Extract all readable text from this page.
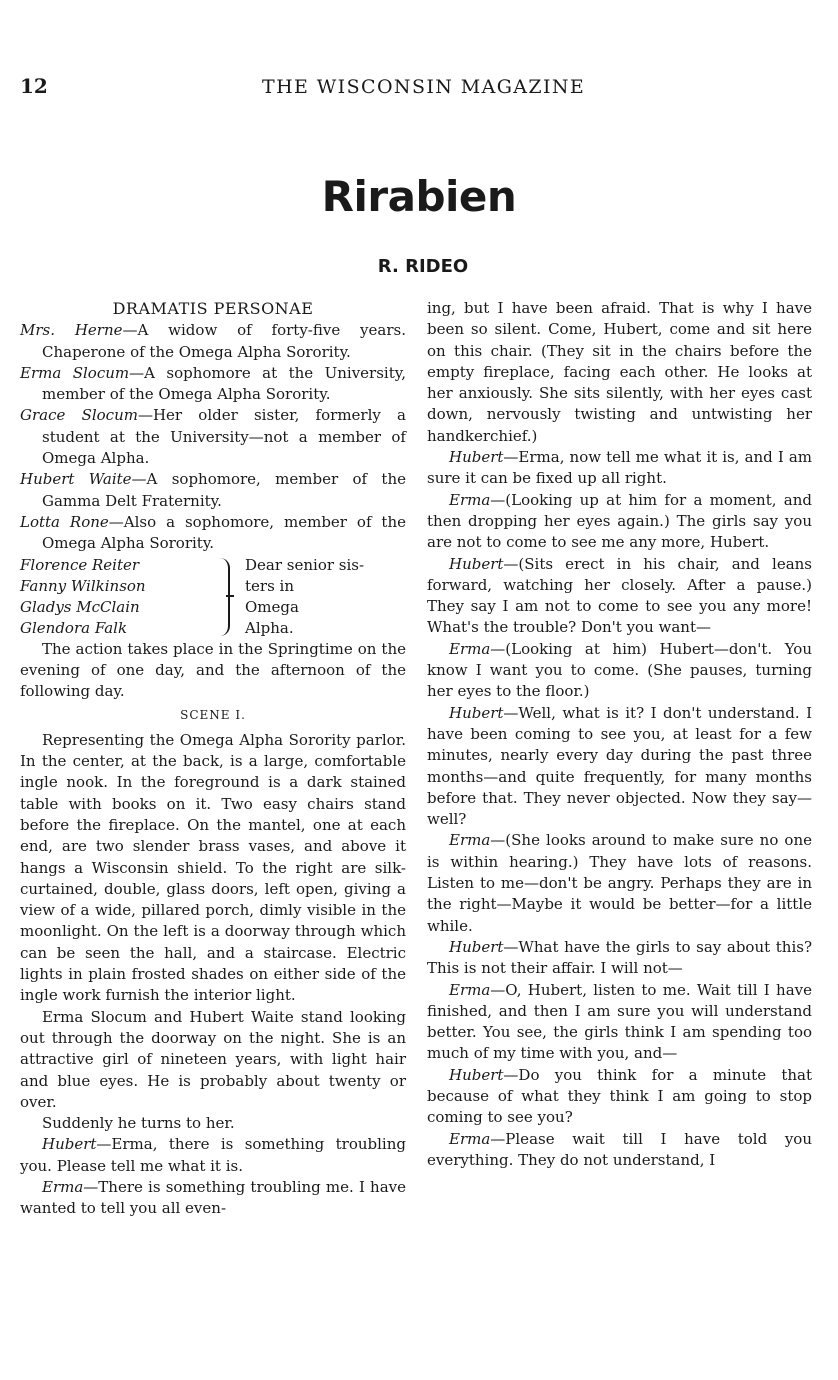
12	THE WISCONSIN MAGAZINE
Rirabien
R. RIDEO

DRAMATIS PERSONAE

Mrs. Herne—A widow of forty-five years. Chaperone of the Omega Alpha Sorority.

Erma Slocum—A sophomore at the University, member of the Omega Alpha Sorority.

Grace Slocum—Her older sister, formerly a student at the University—not a member of Omega Alpha.

Hubert Waite—A sophomore, member of the Gamma Delt Fraternity.

Lotta Rone—Also a sophomore, member of the Omega Alpha Sorority.

Florence Reiter
Fanny Wilkinson
Gladys McClain
Glendora Falk
Dear senior sis-
ters in
Omega
Alpha.

The action takes place in the Springtime on the evening of one day, and the afternoon of the following day.

SCENE I.

Representing the Omega Alpha Sorority parlor. In the center, at the back, is a large, comfortable ingle nook. In the foreground is a dark stained table with books on it. Two easy chairs stand before the fireplace. On the mantel, one at each end, are two slender brass vases, and above it hangs a Wisconsin shield. To the right are silk-curtained, double, glass doors, left open, giving a view of a wide, pillared porch, dimly visible in the moonlight. On the left is a doorway through which can be seen the hall, and a staircase. Electric lights in plain frosted shades on either side of the ingle work furnish the interior light.

Erma Slocum and Hubert Waite stand looking out through the doorway on the night. She is an attractive girl of nineteen years, with light hair and blue eyes. He is probably about twenty or over.

Suddenly he turns to her.

Hubert—Erma, there is something troubling you. Please tell me what it is.

Erma—There is something troubling me. I have wanted to tell you all even-

ing, but I have been afraid. That is why I have been so silent. Come, Hubert, come and sit here on this chair. (They sit in the chairs before the empty fireplace, facing each other. He looks at her anxiously. She sits silently, with her eyes cast down, nervously twisting and untwisting her handkerchief.)

Hubert—Erma, now tell me what it is, and I am sure it can be fixed up all right.

Erma—(Looking up at him for a moment, and then dropping her eyes again.) The girls say you are not to come to see me any more, Hubert.

Hubert—(Sits erect in his chair, and leans forward, watching her closely. After a pause.) They say I am not to come to see you any more! What's the trouble? Don't you want—

Erma—(Looking at him) Hubert—don't. You know I want you to come. (She pauses, turning her eyes to the floor.)

Hubert—Well, what is it? I don't understand. I have been coming to see you, at least for a few minutes, nearly every day during the past three months—and quite frequently, for many months before that. They never objected. Now they say—well?

Erma—(She looks around to make sure no one is within hearing.) They have lots of reasons. Listen to me—don't be angry. Perhaps they are in the right—Maybe it would be better—for a little while.

Hubert—What have the girls to say about this? This is not their affair. I will not—

Erma—O, Hubert, listen to me. Wait till I have finished, and then I am sure you will understand better. You see, the girls think I am spending too much of my time with you, and—

Hubert—Do you think for a minute that because of what they think I am going to stop coming to see you?

Erma—Please wait till I have told you everything. They do not understand, I
